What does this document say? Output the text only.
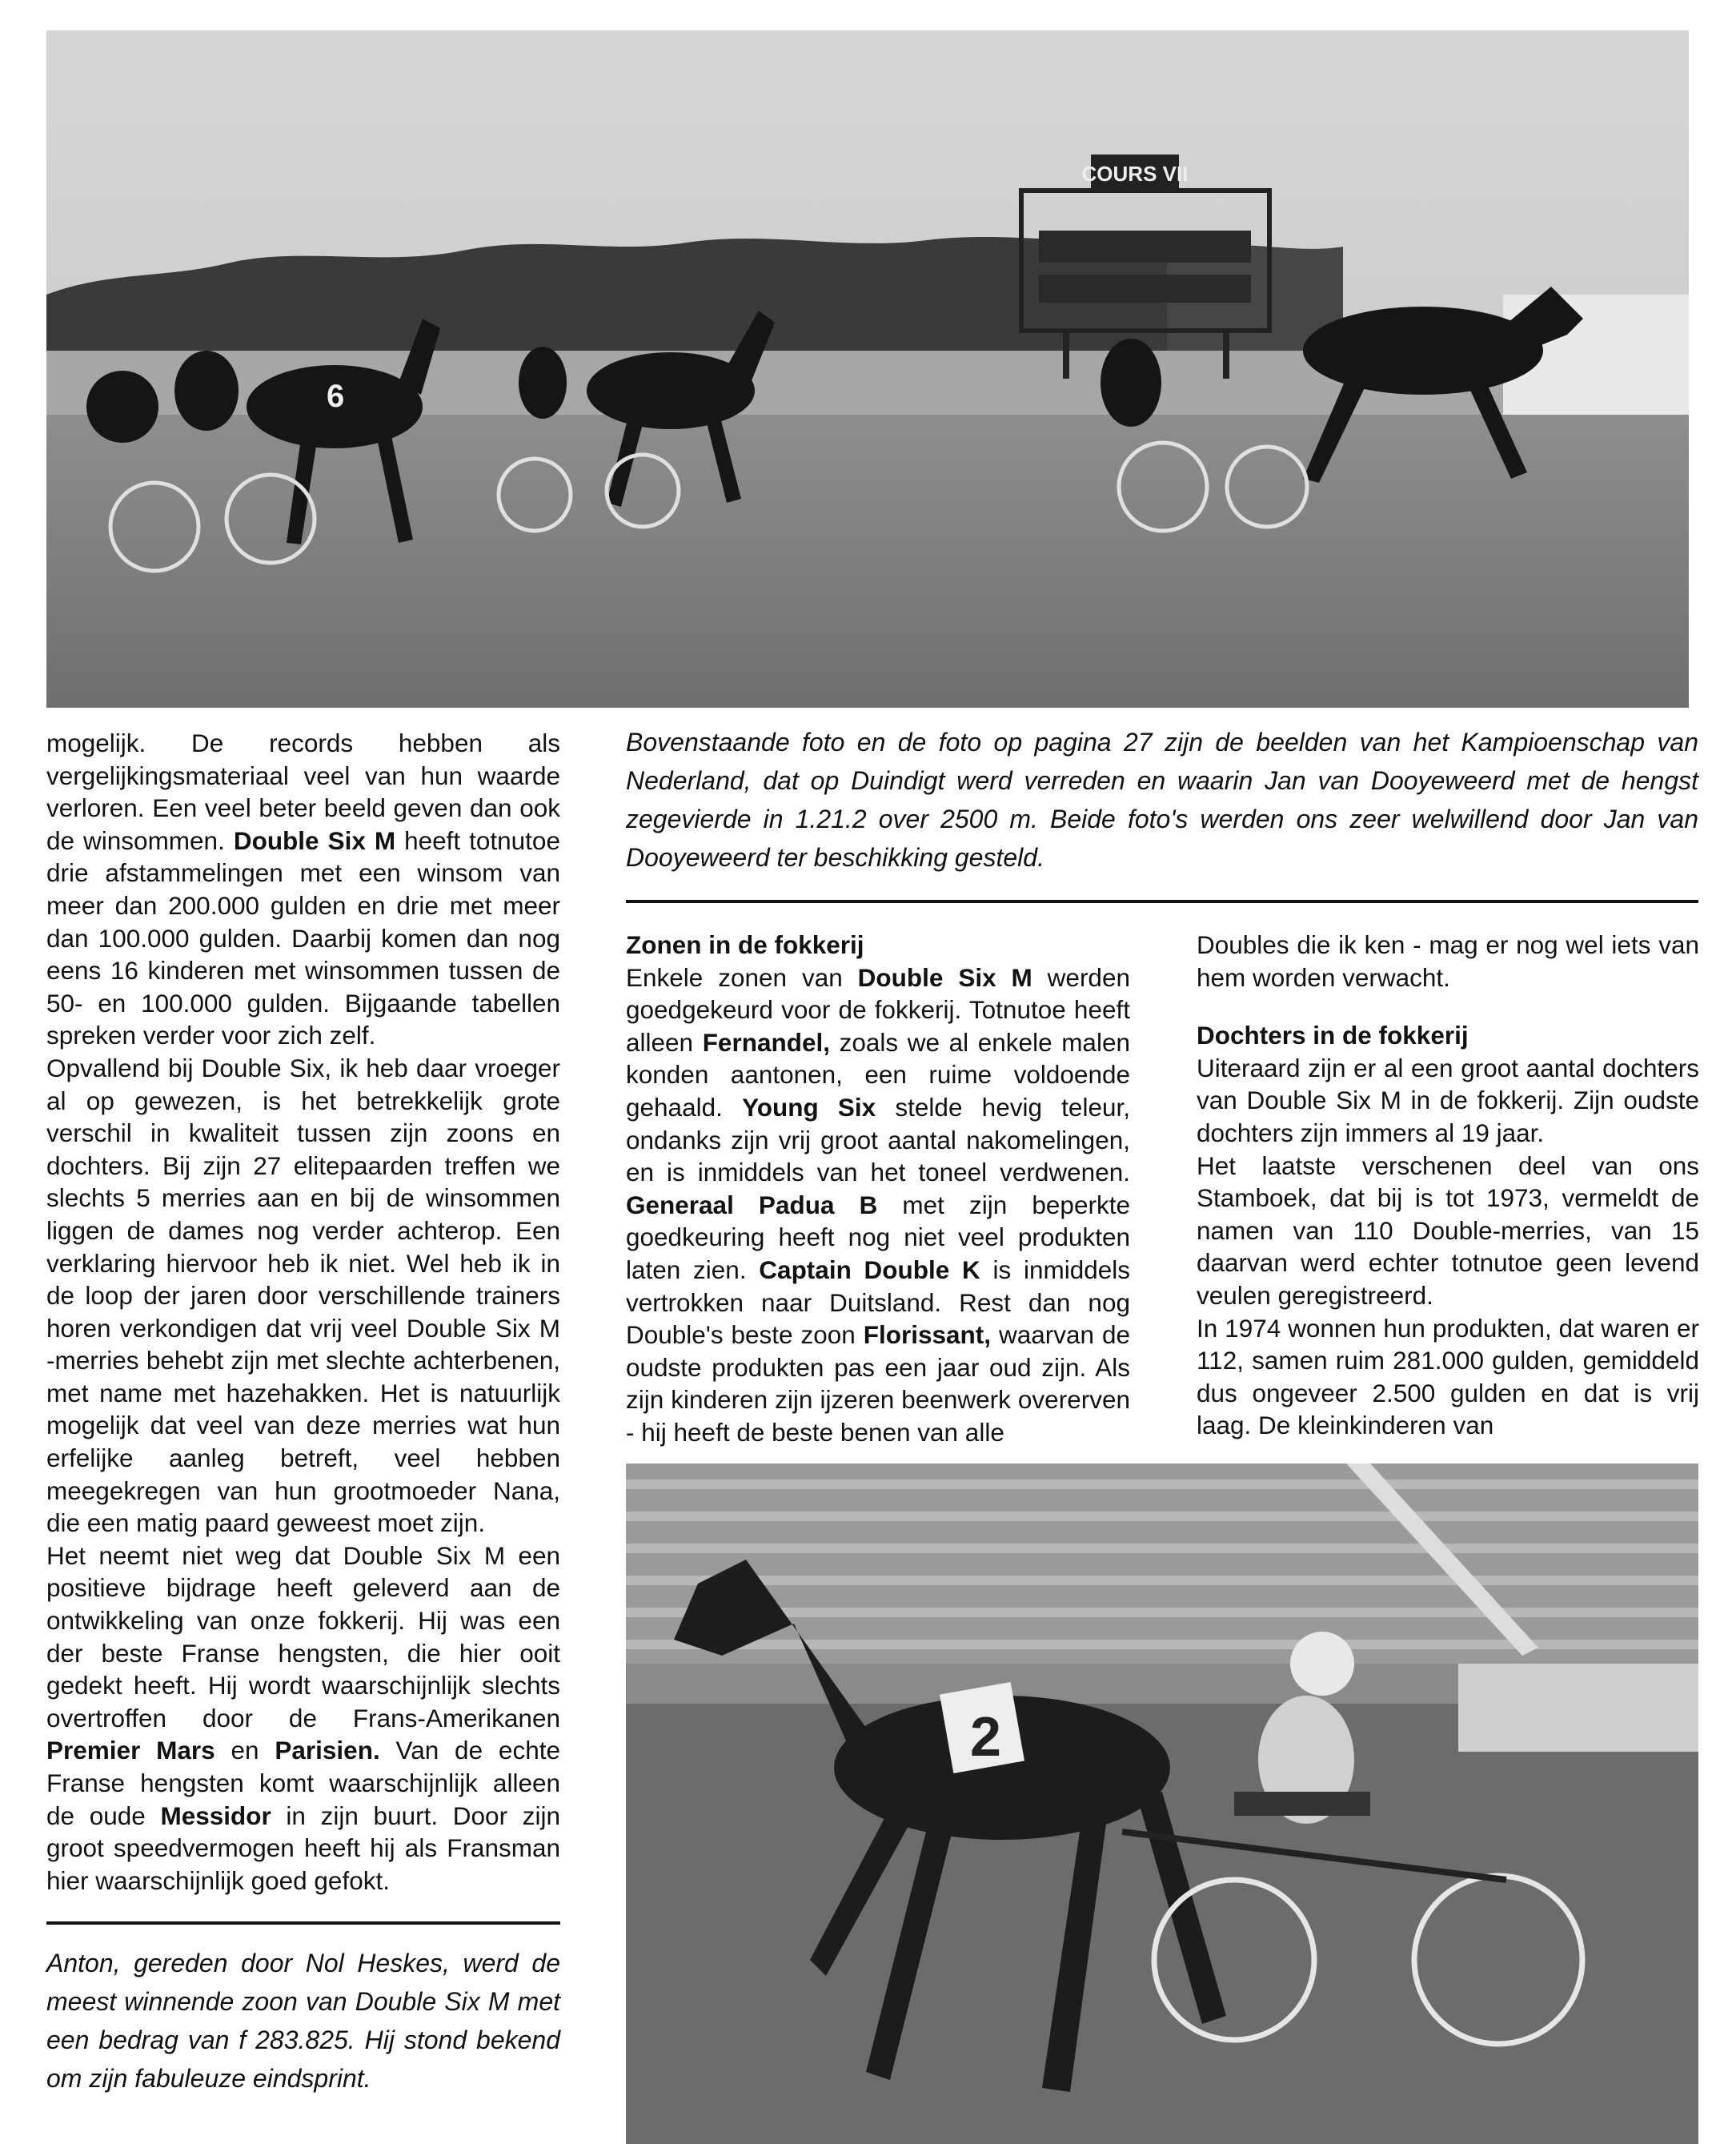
COURS VII
6
Bovenstaande foto en de foto op pagina 27 zijn de beelden van het Kampioenschap van Nederland, dat op Duindigt werd verreden en waarin Jan van Dooyeweerd met de hengst zegevierde in 1.21.2 over 2500 m. Beide foto's werden ons zeer welwillend door Jan van Dooyeweerd ter beschikking gesteld.

mogelijk. De records hebben als vergelijkingsmateriaal veel van hun waarde verloren. Een veel beter beeld geven dan ook de winsommen. Double Six M heeft totnutoe drie afstammelingen met een winsom van meer dan 200.000 gulden en drie met meer dan 100.000 gulden. Daarbij komen dan nog eens 16 kinderen met winsommen tussen de 50- en 100.000 gulden. Bijgaande tabellen spreken verder voor zich zelf.

Opvallend bij Double Six, ik heb daar vroeger al op gewezen, is het betrekkelijk grote verschil in kwaliteit tussen zijn zoons en dochters. Bij zijn 27 elitepaarden treffen we slechts 5 merries aan en bij de winsommen liggen de dames nog verder achterop. Een verklaring hiervoor heb ik niet. Wel heb ik in de loop der jaren door verschillende trainers horen verkondigen dat vrij veel Double Six M -merries behebt zijn met slechte achterbenen, met name met hazehakken. Het is natuurlijk mogelijk dat veel van deze merries wat hun erfelijke aanleg betreft, veel hebben meegekregen van hun grootmoeder Nana, die een matig paard geweest moet zijn.

Het neemt niet weg dat Double Six M een positieve bijdrage heeft geleverd aan de ontwikkeling van onze fokkerij. Hij was een der beste Franse hengsten, die hier ooit gedekt heeft. Hij wordt waarschijnlijk slechts overtroffen door de Frans-Amerikanen Premier Mars en Parisien. Van de echte Franse hengsten komt waarschijnlijk alleen de oude Messidor in zijn buurt. Door zijn groot speedvermogen heeft hij als Fransman hier waarschijnlijk goed gefokt.

Anton, gereden door Nol Heskes, werd de meest winnende zoon van Double Six M met een bedrag van f 283.825. Hij stond bekend om zijn fabuleuze eindsprint.

Zonen in de fokkerij

Enkele zonen van Double Six M werden goedgekeurd voor de fokkerij. Totnutoe heeft alleen Fernandel, zoals we al enkele malen konden aantonen, een ruime voldoende gehaald. Young Six stelde hevig teleur, ondanks zijn vrij groot aantal nakomelingen, en is inmiddels van het toneel verdwenen. Generaal Padua B met zijn beperkte goedkeuring heeft nog niet veel produkten laten zien. Captain Double K is inmiddels vertrokken naar Duitsland. Rest dan nog Double's beste zoon Florissant, waarvan de oudste produkten pas een jaar oud zijn. Als zijn kinderen zijn ijzeren beenwerk overerven - hij heeft de beste benen van alle

Doubles die ik ken - mag er nog wel iets van hem worden verwacht.

Dochters in de fokkerij

Uiteraard zijn er al een groot aantal dochters van Double Six M in de fokkerij. Zijn oudste dochters zijn immers al 19 jaar.

Het laatste verschenen deel van ons Stamboek, dat bij is tot 1973, vermeldt de namen van 110 Double-merries, van 15 daarvan werd echter totnutoe geen levend veulen geregistreerd.

In 1974 wonnen hun produkten, dat waren er 112, samen ruim 281.000 gulden, gemiddeld dus ongeveer 2.500 gulden en dat is vrij laag. De kleinkinderen van

2
